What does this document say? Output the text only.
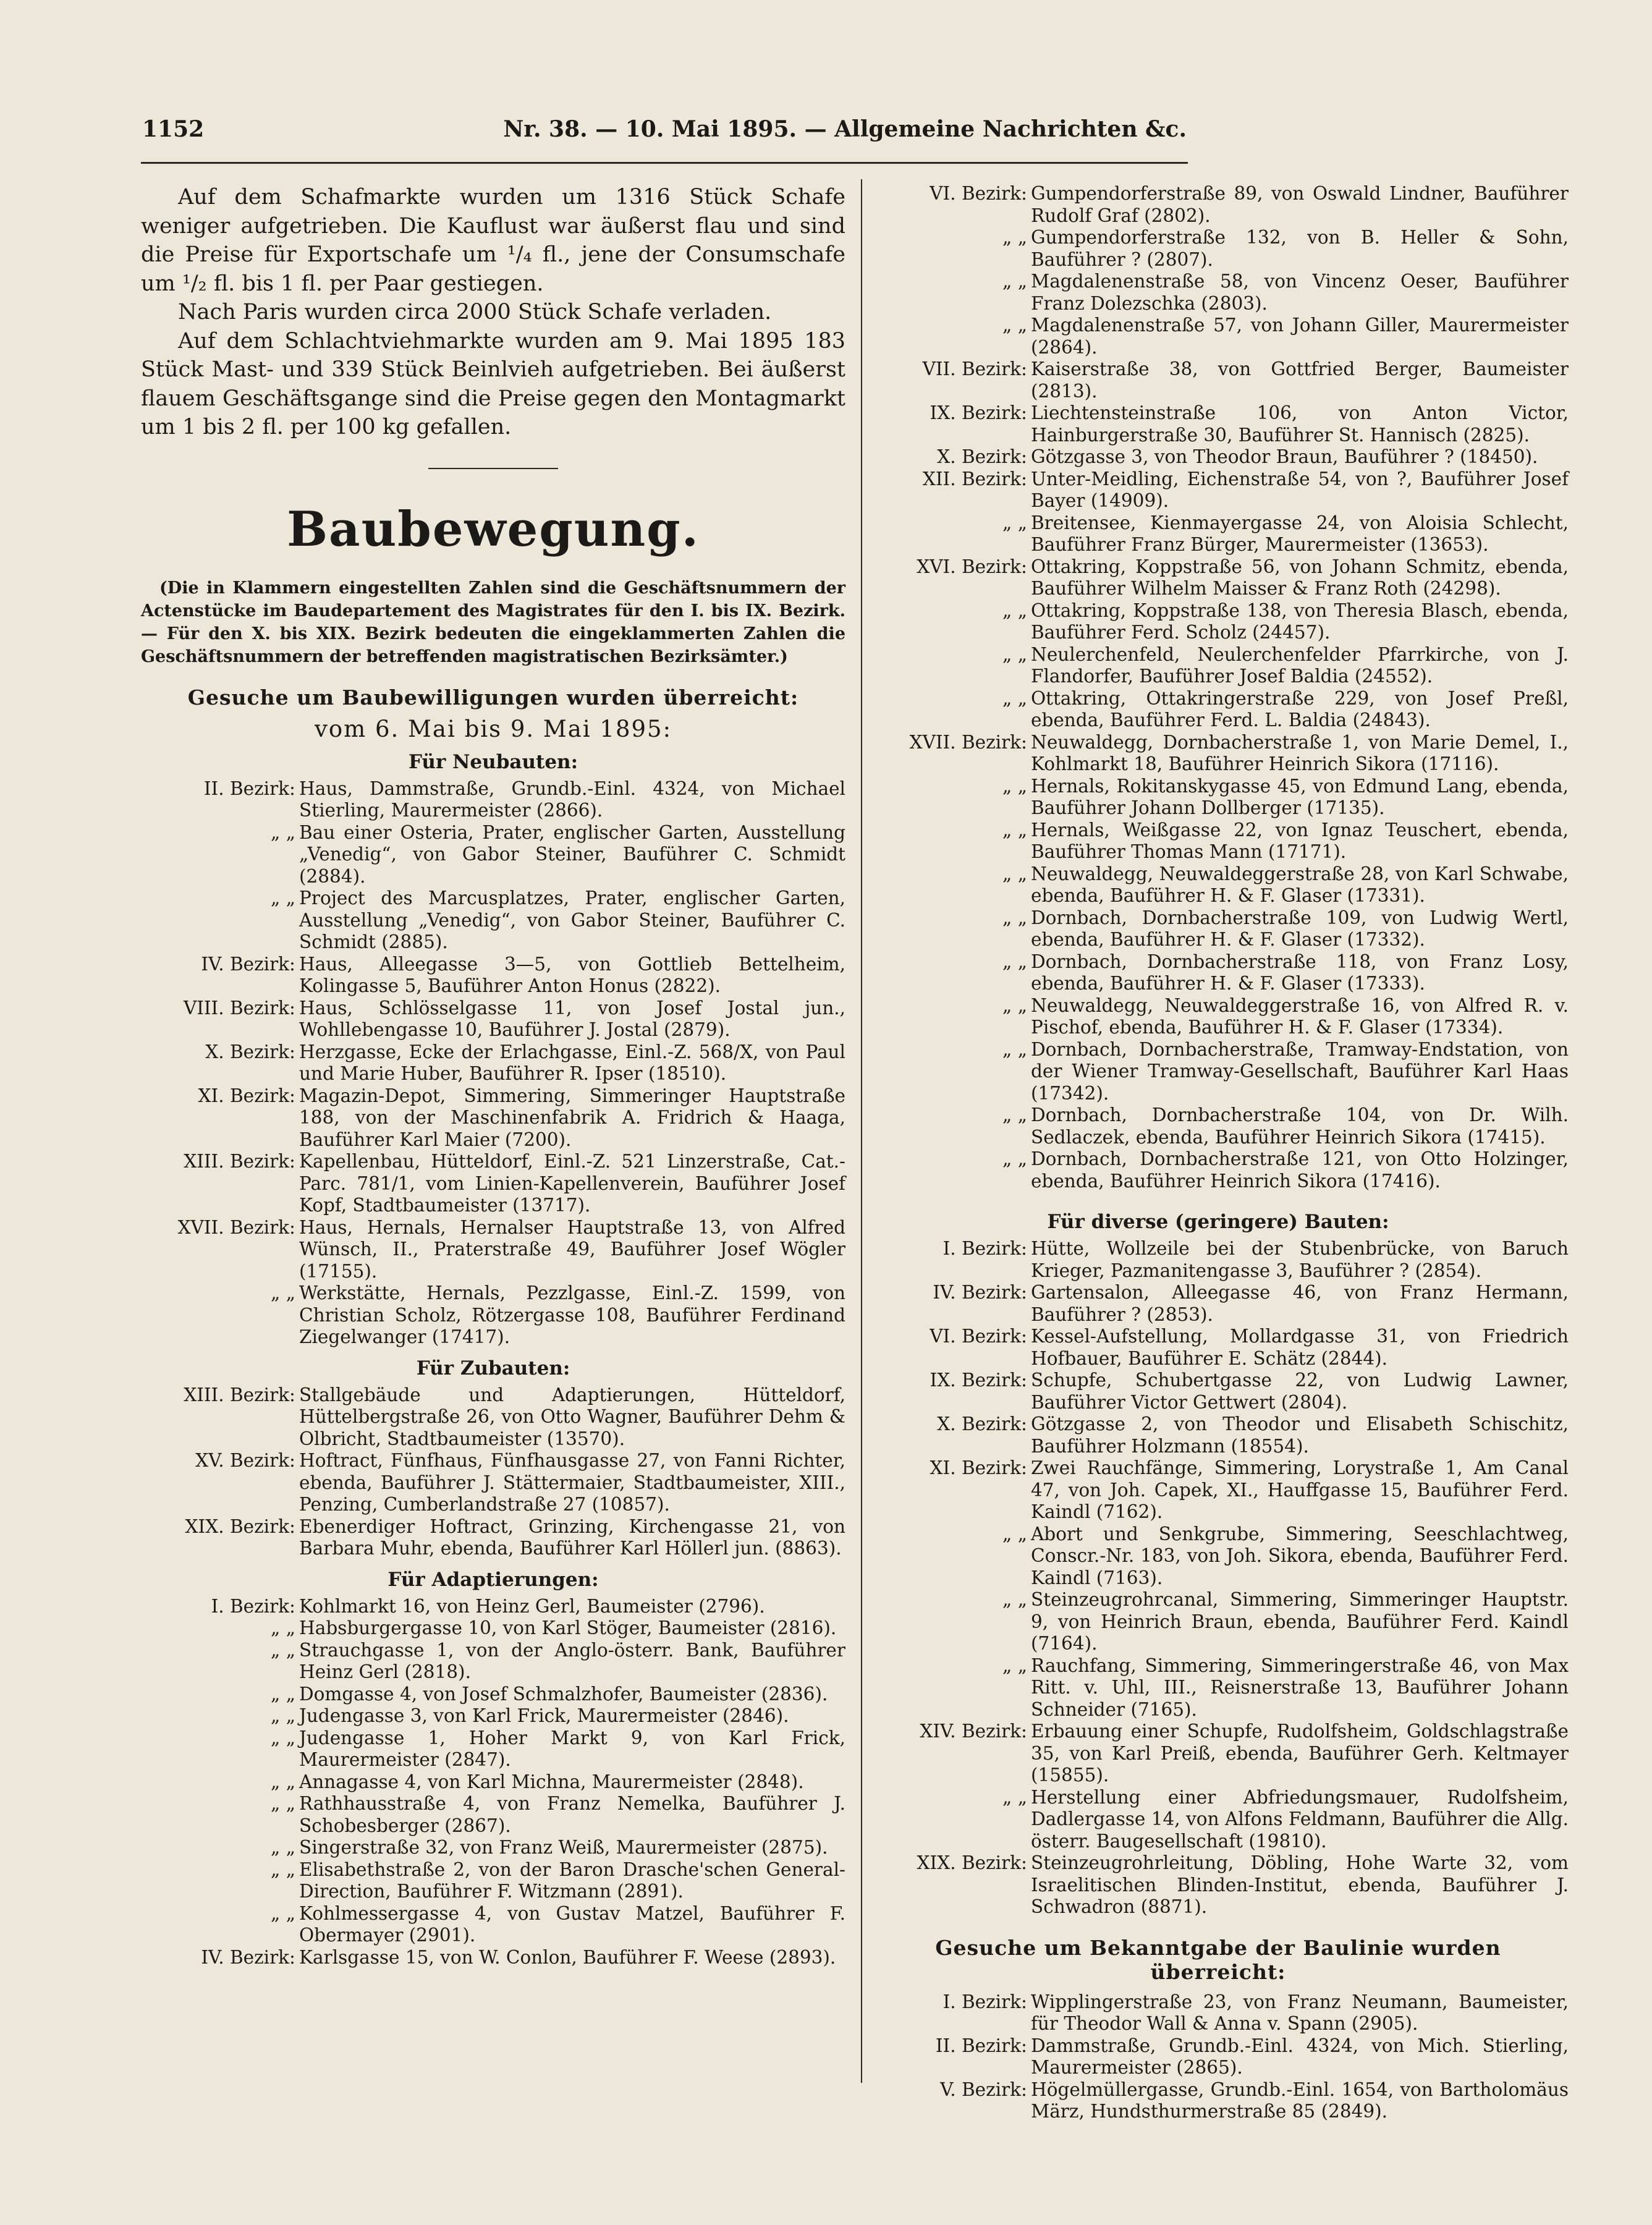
1152	Nr. 38. — 10. Mai 1895. — Allgemeine Nachrichten &c.

Auf dem Schafmarkte wurden um 1316 Stück Schafe weniger aufgetrieben. Die Kauflust war äußerst flau und sind die Preise für Exportschafe um ¹/₄ fl., jene der Consumschafe um ¹/₂ fl. bis 1 fl. per Paar gestiegen.

Nach Paris wurden circa 2000 Stück Schafe verladen.

Auf dem Schlachtviehmarkte wurden am 9. Mai 1895 183 Stück Mast- und 339 Stück Beinlvieh aufgetrieben. Bei äußerst flauem Geschäftsgange sind die Preise gegen den Montagmarkt um 1 bis 2 fl. per 100 kg gefallen.

Baubewegung.

(Die in Klammern eingestellten Zahlen sind die Geschäftsnummern der Actenstücke im Baudepartement des Magistrates für den I. bis IX. Bezirk. — Für den X. bis XIX. Bezirk bedeuten die eingeklammerten Zahlen die Geschäftsnummern der betreffenden magistratischen Bezirksämter.)

Gesuche um Baubewilligungen wurden überreicht:
vom 6. Mai bis 9. Mai 1895:
Für Neubauten:
II. Bezirk: Haus, Dammstraße, Grundb.-Einl. 4324, von Michael Stierling, Maurermeister (2866).
„ „ Bau einer Osteria, Prater, englischer Garten, Ausstellung „Venedig“, von Gabor Steiner, Bauführer C. Schmidt (2884).
„ „ Project des Marcusplatzes, Prater, englischer Garten, Ausstellung „Venedig“, von Gabor Steiner, Bauführer C. Schmidt (2885).
IV. Bezirk: Haus, Alleegasse 3—5, von Gottlieb Bettelheim, Kolingasse 5, Bauführer Anton Honus (2822).
VIII. Bezirk: Haus, Schlösselgasse 11, von Josef Jostal jun., Wohllebengasse 10, Bauführer J. Jostal (2879).
X. Bezirk: Herzgasse, Ecke der Erlachgasse, Einl.-Z. 568/X, von Paul und Marie Huber, Bauführer R. Ipser (18510).
XI. Bezirk: Magazin-Depot, Simmering, Simmeringer Hauptstraße 188, von der Maschinenfabrik A. Fridrich & Haaga, Bauführer Karl Maier (7200).
XIII. Bezirk: Kapellenbau, Hütteldorf, Einl.-Z. 521 Linzerstraße, Cat.-Parc. 781/1, vom Linien-Kapellenverein, Bauführer Josef Kopf, Stadtbaumeister (13717).
XVII. Bezirk: Haus, Hernals, Hernalser Hauptstraße 13, von Alfred Wünsch, II., Praterstraße 49, Bauführer Josef Wögler (17155).
„ „ Werkstätte, Hernals, Pezzlgasse, Einl.-Z. 1599, von Christian Scholz, Rötzergasse 108, Bauführer Ferdinand Ziegelwanger (17417).
Für Zubauten:
XIII. Bezirk: Stallgebäude und Adaptierungen, Hütteldorf, Hüttelbergstraße 26, von Otto Wagner, Bauführer Dehm & Olbricht, Stadtbaumeister (13570).
XV. Bezirk: Hoftract, Fünfhaus, Fünfhausgasse 27, von Fanni Richter, ebenda, Bauführer J. Stättermaier, Stadtbaumeister, XIII., Penzing, Cumberlandstraße 27 (10857).
XIX. Bezirk: Ebenerdiger Hoftract, Grinzing, Kirchengasse 21, von Barbara Muhr, ebenda, Bauführer Karl Höllerl jun. (8863).
Für Adaptierungen:
I. Bezirk: Kohlmarkt 16, von Heinz Gerl, Baumeister (2796).
„ „ Habsburgergasse 10, von Karl Stöger, Baumeister (2816).
„ „ Strauchgasse 1, von der Anglo-österr. Bank, Bauführer Heinz Gerl (2818).
„ „ Domgasse 4, von Josef Schmalzhofer, Baumeister (2836).
„ „ Judengasse 3, von Karl Frick, Maurermeister (2846).
„ „ Judengasse 1, Hoher Markt 9, von Karl Frick, Maurermeister (2847).
„ „ Annagasse 4, von Karl Michna, Maurermeister (2848).
„ „ Rathhausstraße 4, von Franz Nemelka, Bauführer J. Schobesberger (2867).
„ „ Singerstraße 32, von Franz Weiß, Maurermeister (2875).
„ „ Elisabethstraße 2, von der Baron Drasche'schen General-Direction, Bauführer F. Witzmann (2891).
„ „ Kohlmessergasse 4, von Gustav Matzel, Bauführer F. Obermayer (2901).
IV. Bezirk: Karlsgasse 15, von W. Conlon, Bauführer F. Weese (2893).
VI. Bezirk: Gumpendorferstraße 89, von Oswald Lindner, Bauführer Rudolf Graf (2802).
„ „ Gumpendorferstraße 132, von B. Heller & Sohn, Bauführer ? (2807).
„ „ Magdalenenstraße 58, von Vincenz Oeser, Bauführer Franz Dolezschka (2803).
„ „ Magdalenenstraße 57, von Johann Giller, Maurermeister (2864).
VII. Bezirk: Kaiserstraße 38, von Gottfried Berger, Baumeister (2813).
IX. Bezirk: Liechtensteinstraße 106, von Anton Victor, Hainburgerstraße 30, Bauführer St. Hannisch (2825).
X. Bezirk: Götzgasse 3, von Theodor Braun, Bauführer ? (18450).
XII. Bezirk: Unter-Meidling, Eichenstraße 54, von ?, Bauführer Josef Bayer (14909).
„ „ Breitensee, Kienmayergasse 24, von Aloisia Schlecht, Bauführer Franz Bürger, Maurermeister (13653).
XVI. Bezirk: Ottakring, Koppstraße 56, von Johann Schmitz, ebenda, Bauführer Wilhelm Maisser & Franz Roth (24298).
„ „ Ottakring, Koppstraße 138, von Theresia Blasch, ebenda, Bauführer Ferd. Scholz (24457).
„ „ Neulerchenfeld, Neulerchenfelder Pfarrkirche, von J. Flandorfer, Bauführer Josef Baldia (24552).
„ „ Ottakring, Ottakringerstraße 229, von Josef Preßl, ebenda, Bauführer Ferd. L. Baldia (24843).
XVII. Bezirk: Neuwaldegg, Dornbacherstraße 1, von Marie Demel, I., Kohlmarkt 18, Bauführer Heinrich Sikora (17116).
„ „ Hernals, Rokitanskygasse 45, von Edmund Lang, ebenda, Bauführer Johann Dollberger (17135).
„ „ Hernals, Weißgasse 22, von Ignaz Teuschert, ebenda, Bauführer Thomas Mann (17171).
„ „ Neuwaldegg, Neuwaldeggerstraße 28, von Karl Schwabe, ebenda, Bauführer H. & F. Glaser (17331).
„ „ Dornbach, Dornbacherstraße 109, von Ludwig Wertl, ebenda, Bauführer H. & F. Glaser (17332).
„ „ Dornbach, Dornbacherstraße 118, von Franz Losy, ebenda, Bauführer H. & F. Glaser (17333).
„ „ Neuwaldegg, Neuwaldeggerstraße 16, von Alfred R. v. Pischof, ebenda, Bauführer H. & F. Glaser (17334).
„ „ Dornbach, Dornbacherstraße, Tramway-Endstation, von der Wiener Tramway-Gesellschaft, Bauführer Karl Haas (17342).
„ „ Dornbach, Dornbacherstraße 104, von Dr. Wilh. Sedlaczek, ebenda, Bauführer Heinrich Sikora (17415).
„ „ Dornbach, Dornbacherstraße 121, von Otto Holzinger, ebenda, Bauführer Heinrich Sikora (17416).
Für diverse (geringere) Bauten:
I. Bezirk: Hütte, Wollzeile bei der Stubenbrücke, von Baruch Krieger, Pazmanitengasse 3, Bauführer ? (2854).
IV. Bezirk: Gartensalon, Alleegasse 46, von Franz Hermann, Bauführer ? (2853).
VI. Bezirk: Kessel-Aufstellung, Mollardgasse 31, von Friedrich Hofbauer, Bauführer E. Schätz (2844).
IX. Bezirk: Schupfe, Schubertgasse 22, von Ludwig Lawner, Bauführer Victor Gettwert (2804).
X. Bezirk: Götzgasse 2, von Theodor und Elisabeth Schischitz, Bauführer Holzmann (18554).
XI. Bezirk: Zwei Rauchfänge, Simmering, Lorystraße 1, Am Canal 47, von Joh. Capek, XI., Hauffgasse 15, Bauführer Ferd. Kaindl (7162).
„ „ Abort und Senkgrube, Simmering, Seeschlachtweg, Conscr.-Nr. 183, von Joh. Sikora, ebenda, Bauführer Ferd. Kaindl (7163).
„ „ Steinzeugrohrcanal, Simmering, Simmeringer Hauptstr. 9, von Heinrich Braun, ebenda, Bauführer Ferd. Kaindl (7164).
„ „ Rauchfang, Simmering, Simmeringerstraße 46, von Max Ritt. v. Uhl, III., Reisnerstraße 13, Bauführer Johann Schneider (7165).
XIV. Bezirk: Erbauung einer Schupfe, Rudolfsheim, Goldschlagstraße 35, von Karl Preiß, ebenda, Bauführer Gerh. Keltmayer (15855).
„ „ Herstellung einer Abfriedungsmauer, Rudolfsheim, Dadlergasse 14, von Alfons Feldmann, Bauführer die Allg. österr. Baugesellschaft (19810).
XIX. Bezirk: Steinzeugrohrleitung, Döbling, Hohe Warte 32, vom Israelitischen Blinden-Institut, ebenda, Bauführer J. Schwadron (8871).
Gesuche um Bekanntgabe der Baulinie wurden überreicht:
I. Bezirk: Wipplingerstraße 23, von Franz Neumann, Baumeister, für Theodor Wall & Anna v. Spann (2905).
II. Bezirk: Dammstraße, Grundb.-Einl. 4324, von Mich. Stierling, Maurermeister (2865).
V. Bezirk: Högelmüllergasse, Grundb.-Einl. 1654, von Bartholomäus März, Hundsthurmerstraße 85 (2849).
